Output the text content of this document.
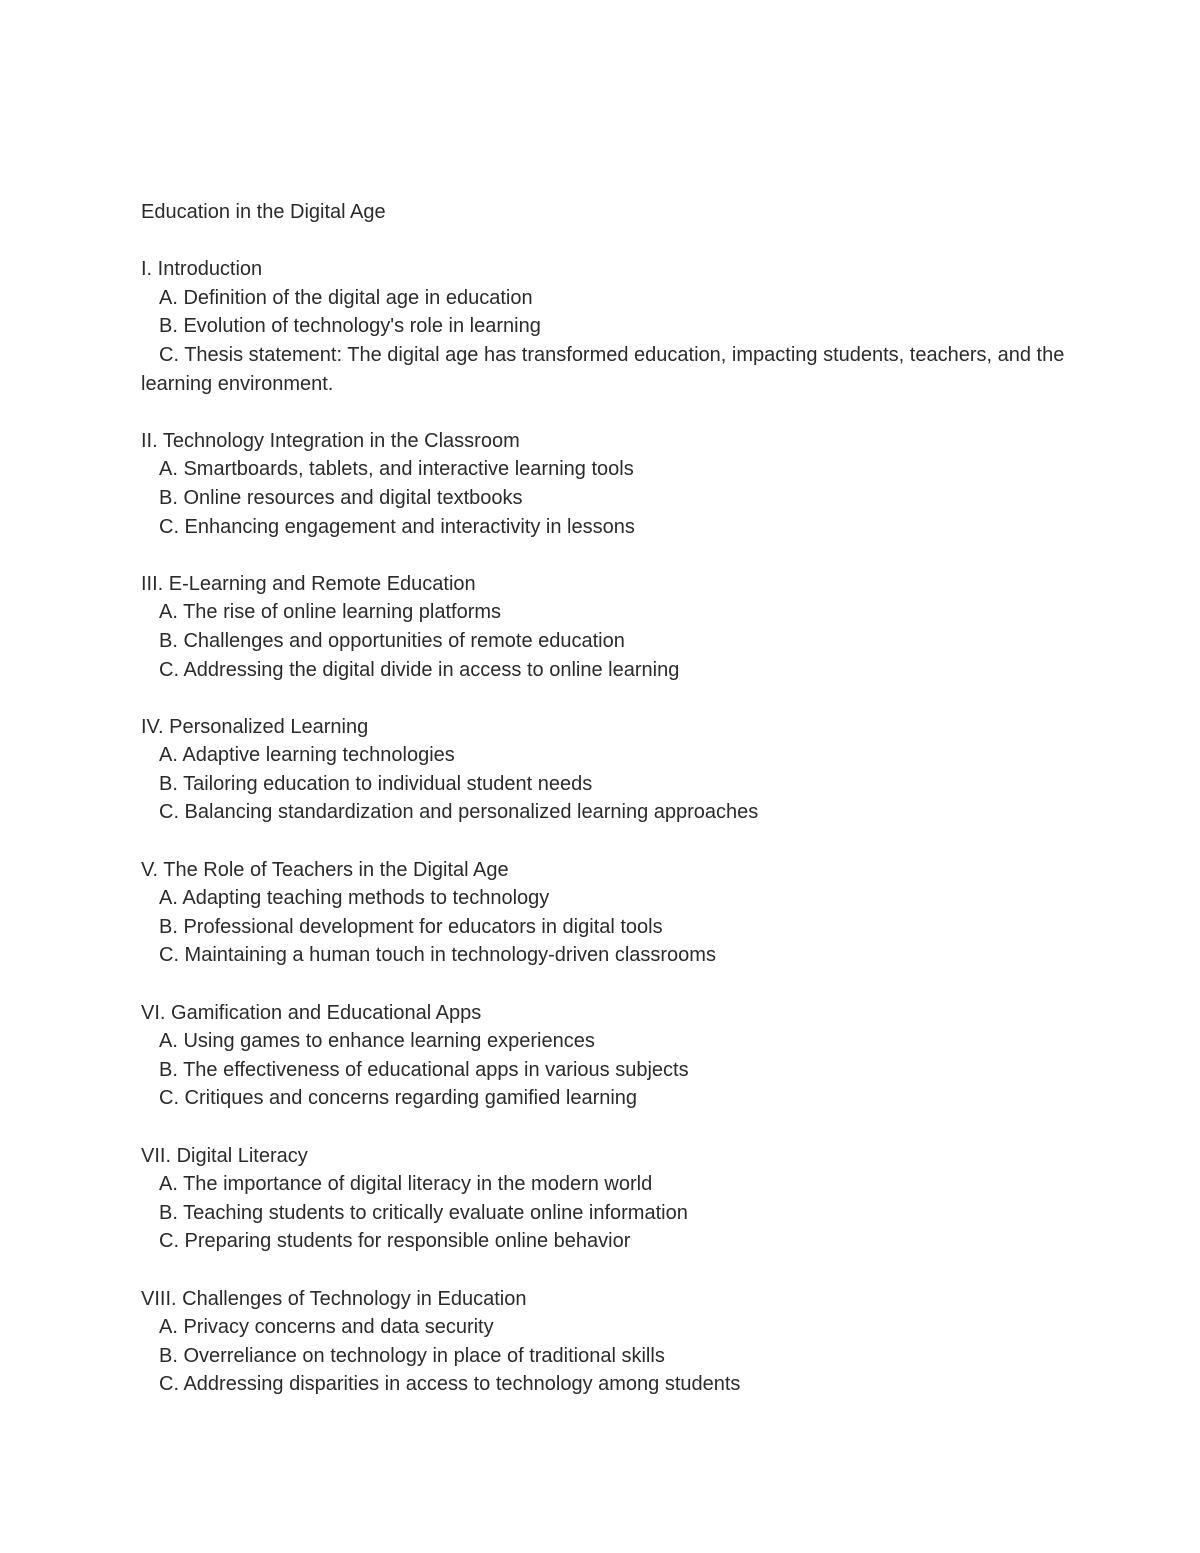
Education in the Digital Age

I. Introduction

A. Definition of the digital age in education

B. Evolution of technology's role in learning

C. Thesis statement: The digital age has transformed education, impacting students, teachers, and the learning environment.

II. Technology Integration in the Classroom

A. Smartboards, tablets, and interactive learning tools

B. Online resources and digital textbooks

C. Enhancing engagement and interactivity in lessons

III. E-Learning and Remote Education

A. The rise of online learning platforms

B. Challenges and opportunities of remote education

C. Addressing the digital divide in access to online learning

IV. Personalized Learning

A. Adaptive learning technologies

B. Tailoring education to individual student needs

C. Balancing standardization and personalized learning approaches

V. The Role of Teachers in the Digital Age

A. Adapting teaching methods to technology

B. Professional development for educators in digital tools

C. Maintaining a human touch in technology-driven classrooms

VI. Gamification and Educational Apps

A. Using games to enhance learning experiences

B. The effectiveness of educational apps in various subjects

C. Critiques and concerns regarding gamified learning

VII. Digital Literacy

A. The importance of digital literacy in the modern world

B. Teaching students to critically evaluate online information

C. Preparing students for responsible online behavior

VIII. Challenges of Technology in Education

A. Privacy concerns and data security

B. Overreliance on technology in place of traditional skills

C. Addressing disparities in access to technology among students
